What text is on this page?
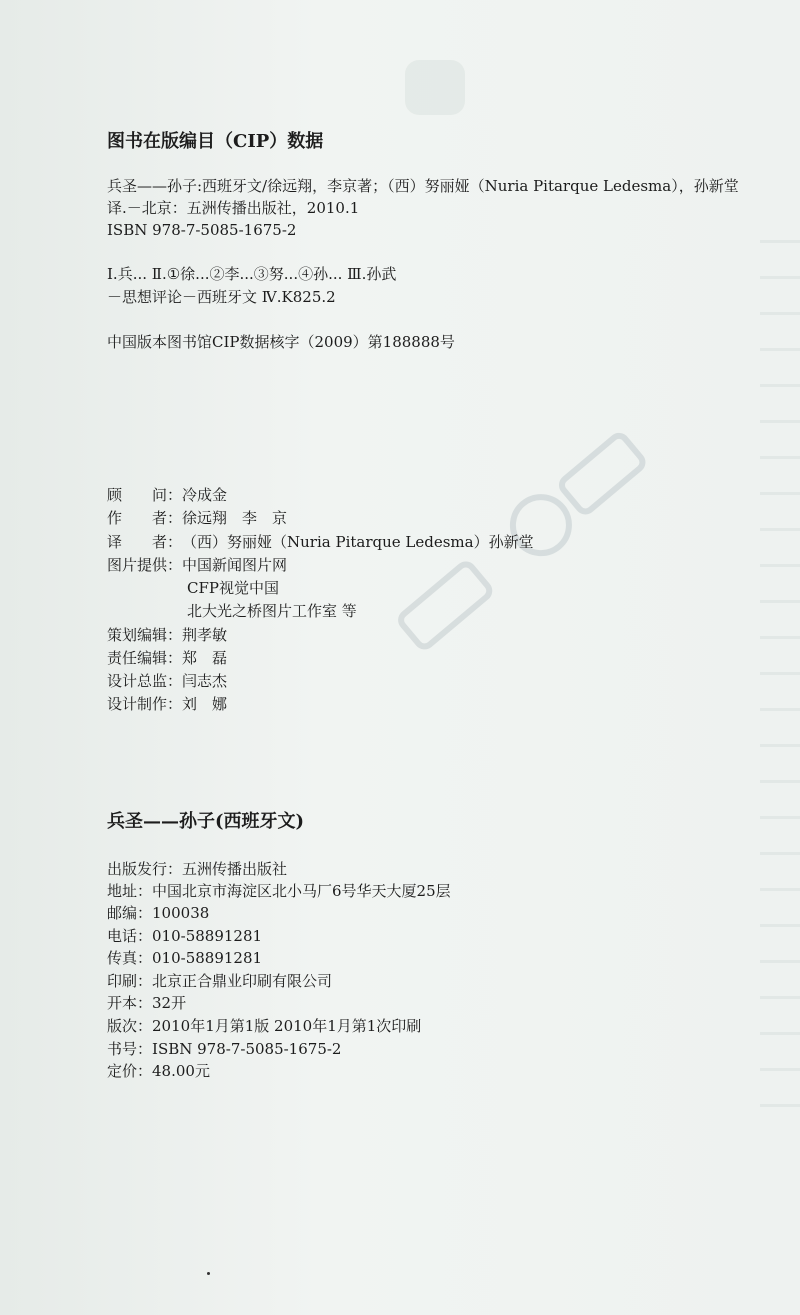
图书在版编目（CIP）数据
兵圣——孙子:西班牙文/徐远翔，李京著；（西）努丽娅（Nuria Pitarque Ledesma），孙新堂
译.－北京：五洲传播出版社，2010.1
ISBN 978-7-5085-1675-2
Ⅰ.兵... Ⅱ.①徐...②李...③努...④孙... Ⅲ.孙武
－思想评论－西班牙文 Ⅳ.K825.2
中国版本图书馆CIP数据核字（2009）第188888号
顾　　问：冷成金
作　　者：徐远翔　李　京
译　　者：（西）努丽娅（Nuria Pitarque Ledesma）孙新堂
图片提供：中国新闻图片网
CFP视觉中国
北大光之桥图片工作室 等
策划编辑：荆孝敏
责任编辑：郑　磊
设计总监：闫志杰
设计制作：刘　娜
兵圣——孙子(西班牙文)
出版发行：五洲传播出版社
地址：中国北京市海淀区北小马厂6号华天大厦25层
邮编：100038
电话：010-58891281
传真：010-58891281
印刷：北京正合鼎业印刷有限公司
开本：32开
版次：2010年1月第1版 2010年1月第1次印刷
书号：ISBN 978-7-5085-1675-2
定价：48.00元
